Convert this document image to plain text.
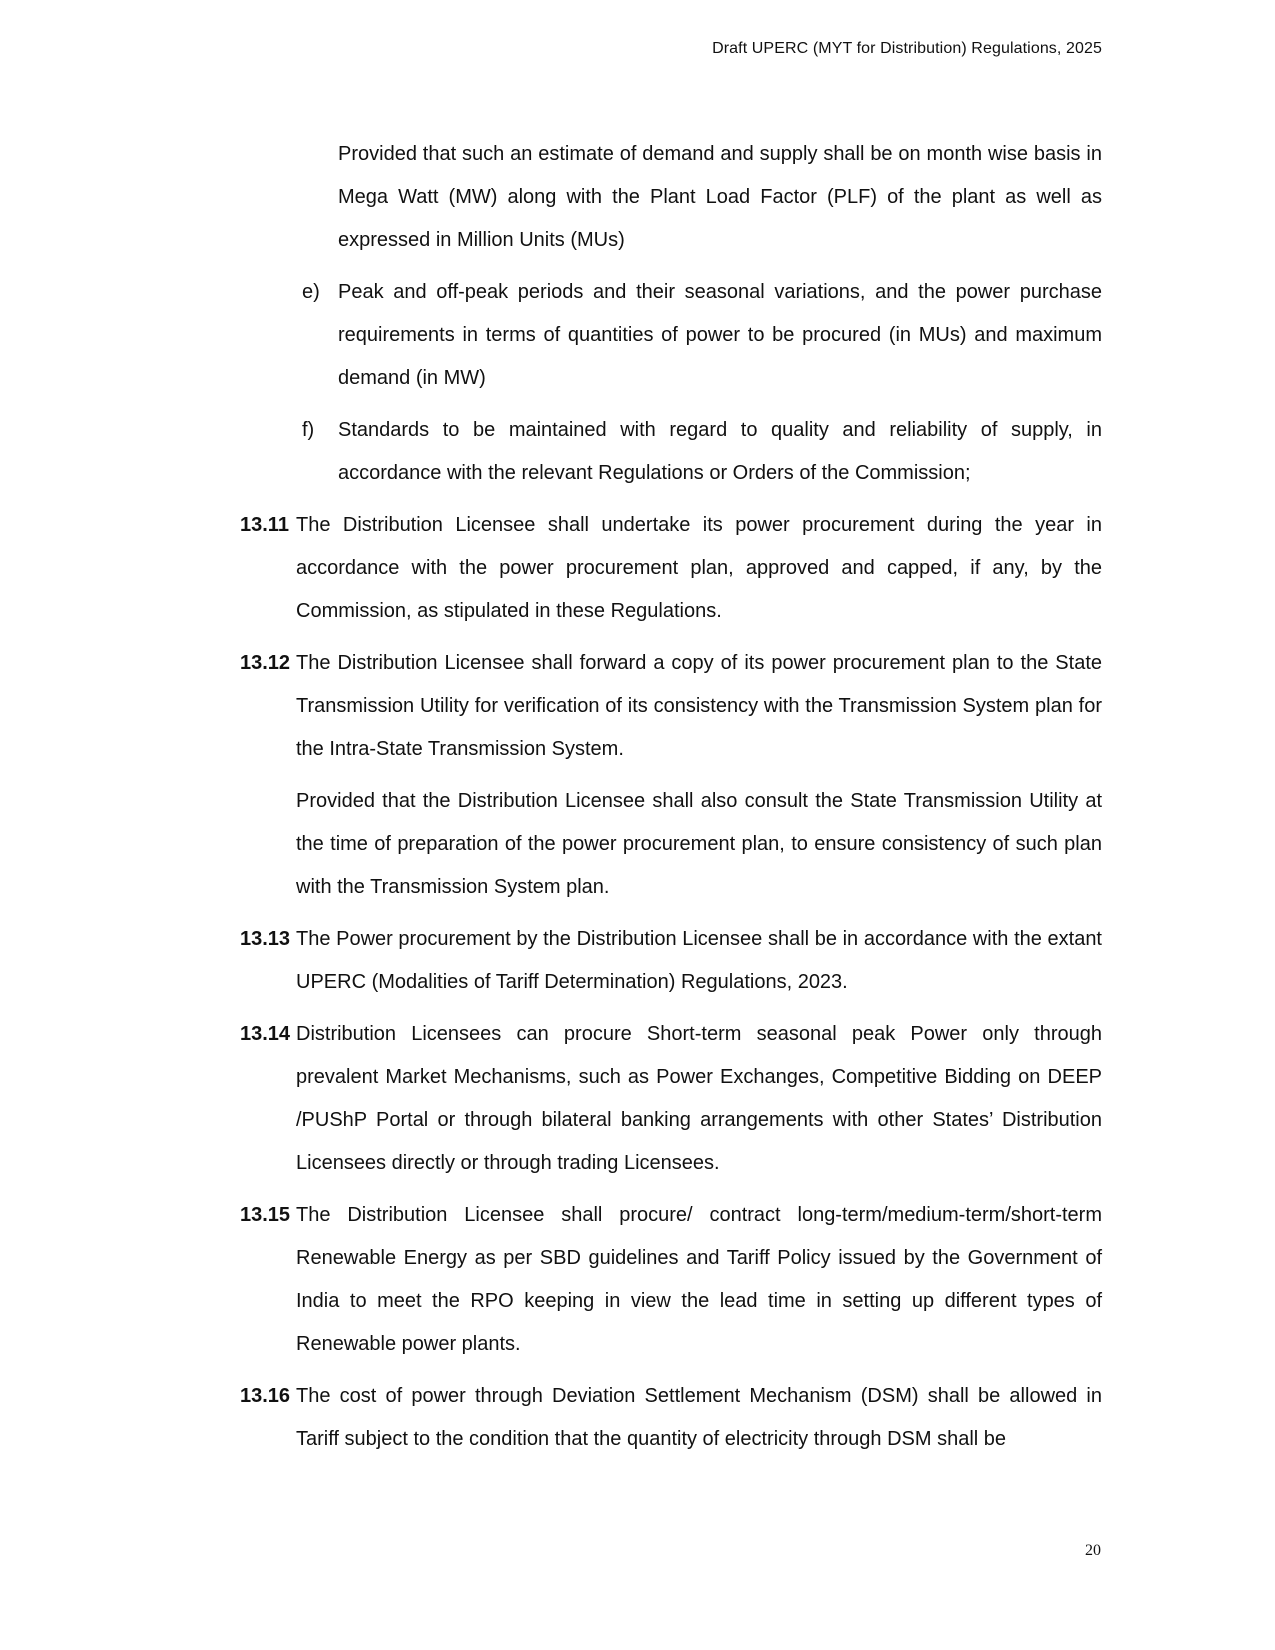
Draft UPERC (MYT for Distribution) Regulations, 2025
Provided that such an estimate of demand and supply shall be on month wise basis in Mega Watt (MW) along with the Plant Load Factor (PLF) of the plant as well as expressed in Million Units (MUs)
e) Peak and off-peak periods and their seasonal variations, and the power purchase requirements in terms of quantities of power to be procured (in MUs) and maximum demand (in MW)
f)	Standards to be maintained with regard to quality and reliability of supply, in accordance with the relevant Regulations or Orders of the Commission;
13.11 The Distribution Licensee shall undertake its power procurement during the year in accordance with the power procurement plan, approved and capped, if any, by the Commission, as stipulated in these Regulations.
13.12 The Distribution Licensee shall forward a copy of its power procurement plan to the State Transmission Utility for verification of its consistency with the Transmission System plan for the Intra-State Transmission System.
Provided that the Distribution Licensee shall also consult the State Transmission Utility at the time of preparation of the power procurement plan, to ensure consistency of such plan with the Transmission System plan.
13.13 The Power procurement by the Distribution Licensee shall be in accordance with the extant UPERC (Modalities of Tariff Determination) Regulations, 2023.
13.14 Distribution Licensees can procure Short-term seasonal peak Power only through prevalent Market Mechanisms, such as Power Exchanges, Competitive Bidding on DEEP /PUShP Portal or through bilateral banking arrangements with other States’ Distribution Licensees directly or through trading Licensees.
13.15 The Distribution Licensee shall procure/ contract long-term/medium-term/short-term Renewable Energy as per SBD guidelines and Tariff Policy issued by the Government of India to meet the RPO keeping in view the lead time in setting up different types of Renewable power plants.
13.16 The cost of power through Deviation Settlement Mechanism (DSM) shall be allowed in Tariff subject to the condition that the quantity of electricity through DSM shall be
20
